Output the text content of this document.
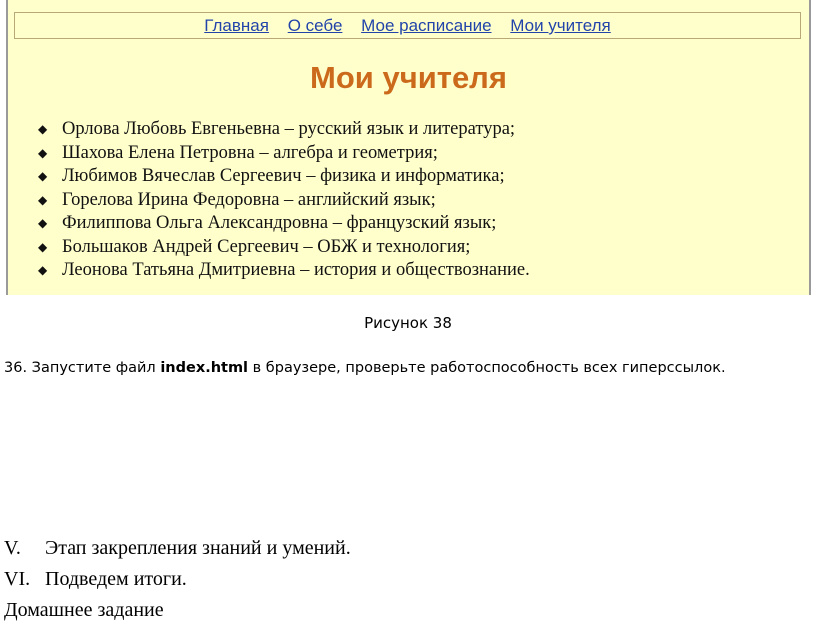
Главная О себе Мое расписание Мои учителя
Мои учителя
◆ Орлова Любовь Евгеньевна – русский язык и литература;
◆ Шахова Елена Петровна – алгебра и геометрия;
◆ Любимов Вячеслав Сергеевич – физика и информатика;
◆ Горелова Ирина Федоровна – английский язык;
◆ Филиппова Ольга Александровна – французский язык;
◆ Большаков Андрей Сергеевич – ОБЖ и технология;
◆ Леонова Татьяна Дмитриевна – история и обществознание.
Рисунок 38
36. Запустите файл index.html в браузере, проверьте работоспособность всех гиперссылок.
V. Этап закрепления знаний и умений.
VI. Подведем итоги.
Домашнее задание
